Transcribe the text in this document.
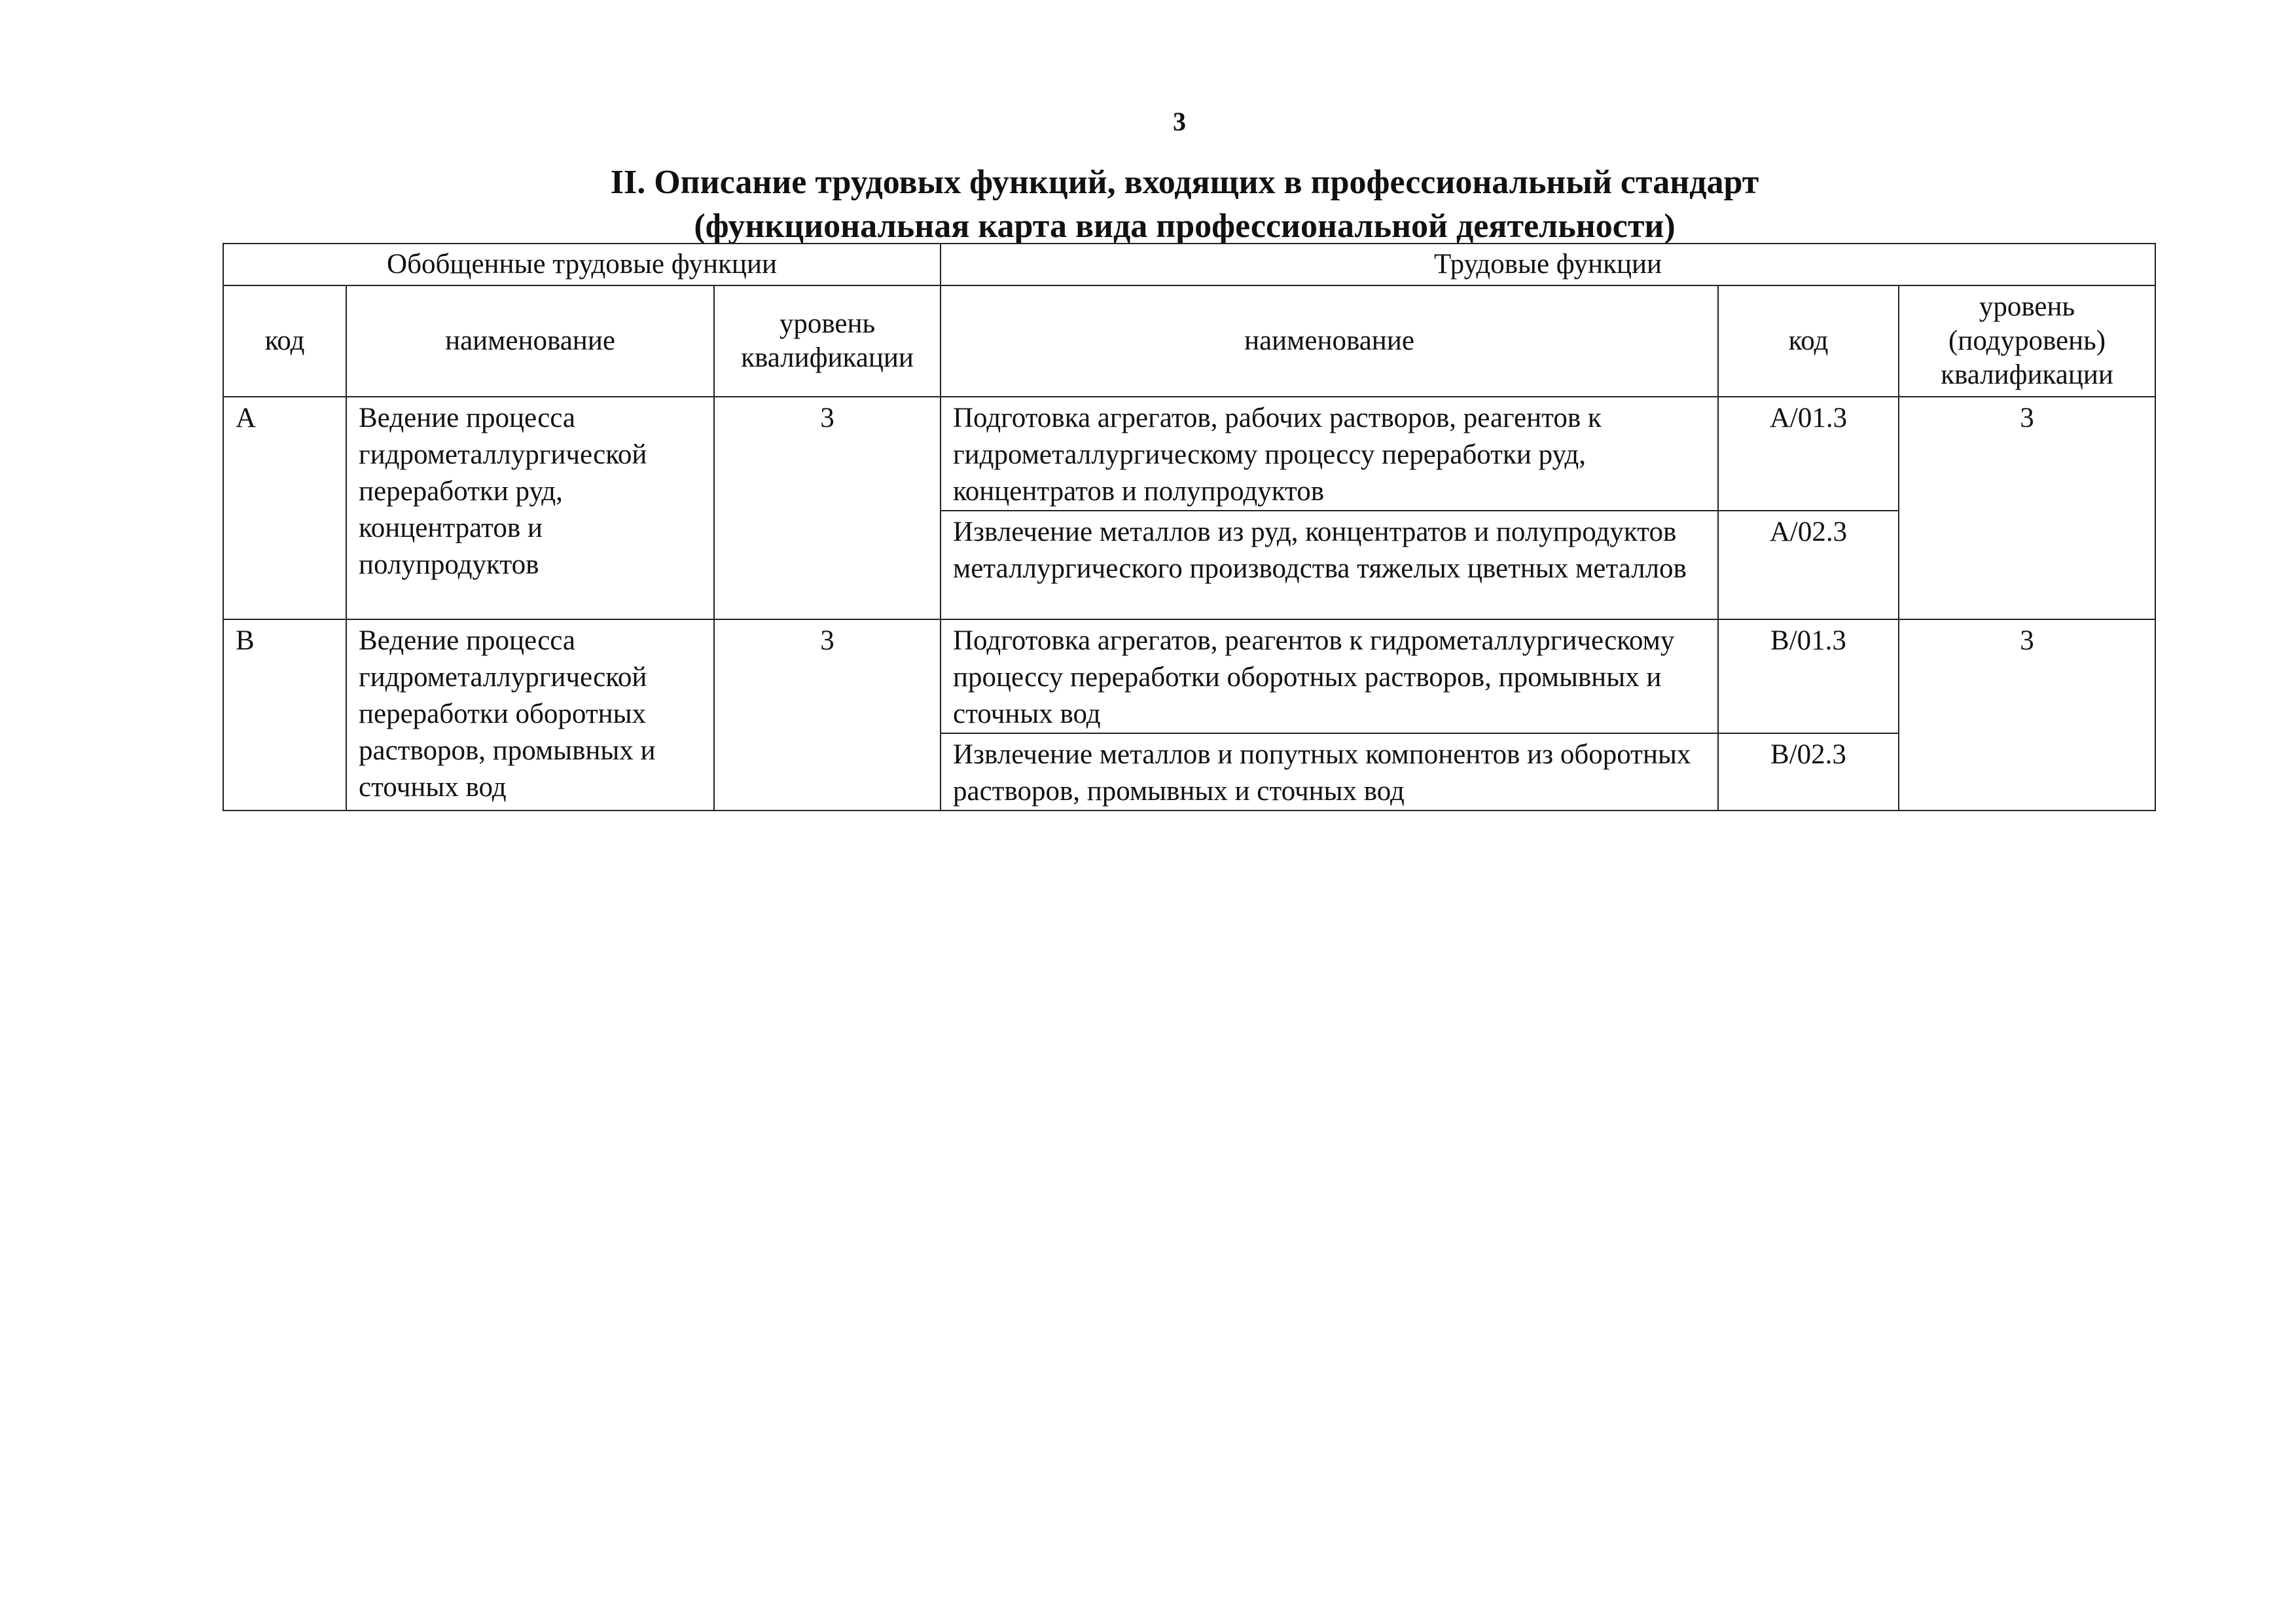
3
II. Описание трудовых функций, входящих в профессиональный стандарт
(функциональная карта вида профессиональной деятельности)
Обобщенные трудовые функции			Трудовые функции		
код	наименование	уровень квалификации	наименование	код	уровень (подуровень) квалификации

А	Ведение процесса гидрометаллургической переработки руд, концентратов и полупродуктов	3	Подготовка агрегатов, рабочих растворов, реагентов к гидрометаллургическому процессу переработки руд, концентратов и полупродуктов	А/01.3	3

			Извлечение металлов из руд, концентратов и полупродуктов металлургического производства тяжелых цветных металлов	А/02.3	

В	Ведение процесса гидрометаллургической переработки оборотных растворов, промывных и сточных вод	3	Подготовка агрегатов, реагентов к гидрометаллургическому процессу переработки оборотных растворов, промывных и сточных вод	В/01.3	3

			Извлечение металлов и попутных компонентов из оборотных растворов, промывных и сточных вод	В/02.3	
